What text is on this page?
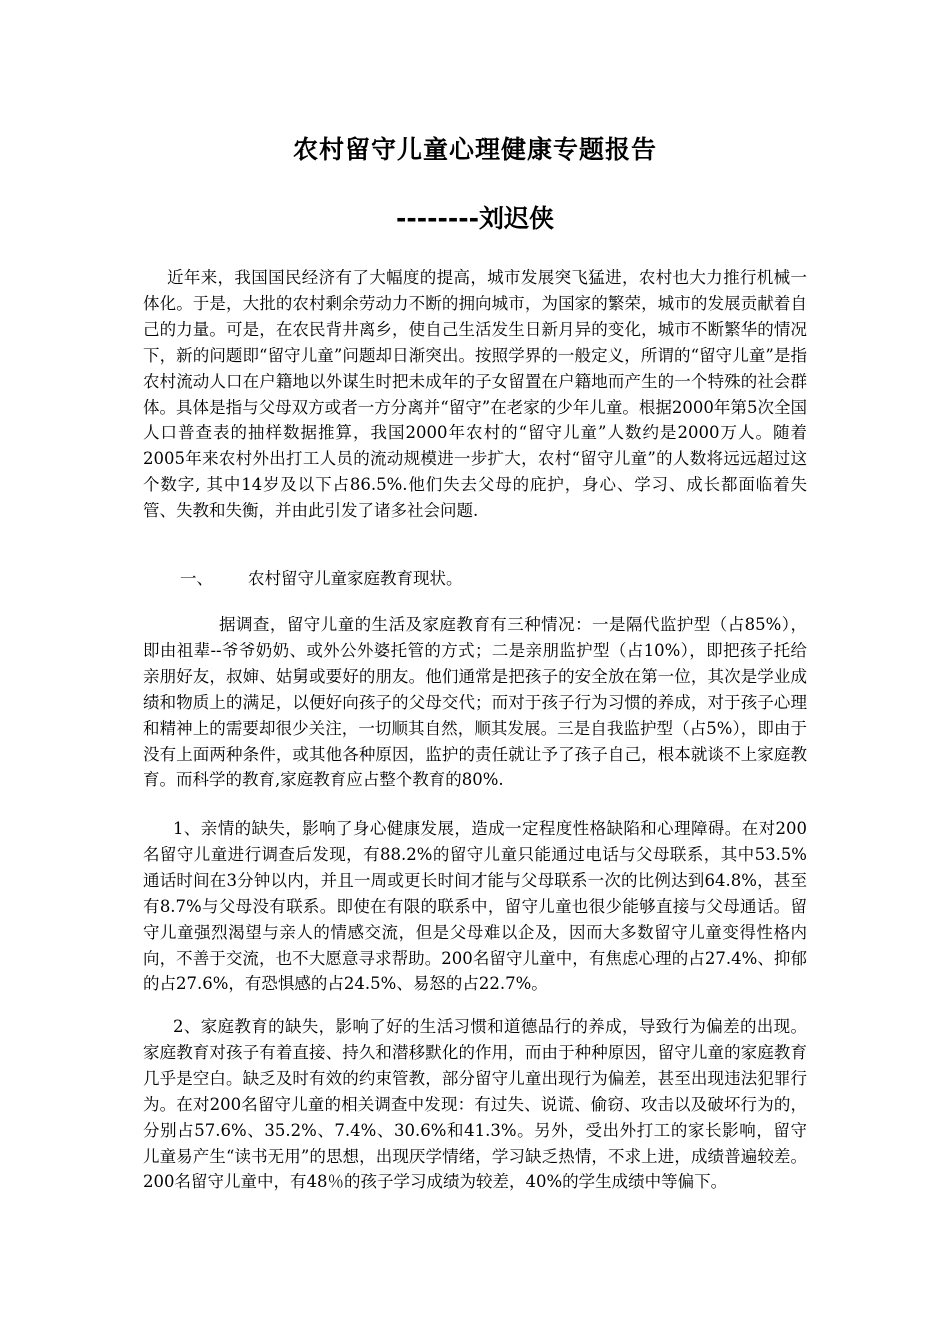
农村留守儿童心理健康专题报告
--------刘迟侠

近年来，我国国民经济有了大幅度的提高，城市发展突飞猛进，农村也大力推行机械一体化。于是，大批的农村剩余劳动力不断的拥向城市，为国家的繁荣，城市的发展贡献着自己的力量。可是，在农民背井离乡，使自己生活发生日新月异的变化，城市不断繁华的情况下，新的问题即“留守儿童”问题却日渐突出。按照学界的一般定义，所谓的“留守儿童”是指农村流动人口在户籍地以外谋生时把未成年的子女留置在户籍地而产生的一个特殊的社会群体。具体是指与父母双方或者一方分离并“留守”在老家的少年儿童。根据2000年第5次全国人口普查表的抽样数据推算，我国2000年农村的“留守儿童”人数约是2000万人。随着2005年来农村外出打工人员的流动规模进一步扩大，农村“留守儿童”的人数将远远超过这个数字, 其中14岁及以下占86.5%.他们失去父母的庇护，身心、学习、成长都面临着失管、失教和失衡，并由此引发了诸多社会问题.

一、 农村留守儿童家庭教育现状。

据调查，留守儿童的生活及家庭教育有三种情况：一是隔代监护型（占85%），即由祖辈--爷爷奶奶、或外公外婆托管的方式；二是亲朋监护型（占10%），即把孩子托给亲朋好友，叔婶、姑舅或要好的朋友。他们通常是把孩子的安全放在第一位，其次是学业成绩和物质上的满足，以便好向孩子的父母交代；而对于孩子行为习惯的养成，对于孩子心理和精神上的需要却很少关注，一切顺其自然，顺其发展。三是自我监护型（占5%），即由于没有上面两种条件，或其他各种原因，监护的责任就让予了孩子自己，根本就谈不上家庭教育。而科学的教育,家庭教育应占整个教育的80%.

1、亲情的缺失，影响了身心健康发展，造成一定程度性格缺陷和心理障碍。在对200名留守儿童进行调查后发现，有88.2%的留守儿童只能通过电话与父母联系，其中53.5%通话时间在3分钟以内，并且一周或更长时间才能与父母联系一次的比例达到64.8%，甚至有8.7%与父母没有联系。即使在有限的联系中，留守儿童也很少能够直接与父母通话。留守儿童强烈渴望与亲人的情感交流，但是父母难以企及，因而大多数留守儿童变得性格内向，不善于交流，也不大愿意寻求帮助。200名留守儿童中，有焦虑心理的占27.4%、抑郁的占27.6%，有恐惧感的占24.5%、易怒的占22.7%。

2、家庭教育的缺失，影响了好的生活习惯和道德品行的养成，导致行为偏差的出现。家庭教育对孩子有着直接、持久和潜移默化的作用，而由于种种原因，留守儿童的家庭教育几乎是空白。缺乏及时有效的约束管教，部分留守儿童出现行为偏差，甚至出现违法犯罪行为。在对200名留守儿童的相关调查中发现：有过失、说谎、偷窃、攻击以及破坏行为的，分别占57.6%、35.2%、7.4%、30.6%和41.3%。另外，受出外打工的家长影响，留守儿童易产生“读书无用”的思想，出现厌学情绪，学习缺乏热情，不求上进，成绩普遍较差。200名留守儿童中，有48％的孩子学习成绩为较差，40%的学生成绩中等偏下。
